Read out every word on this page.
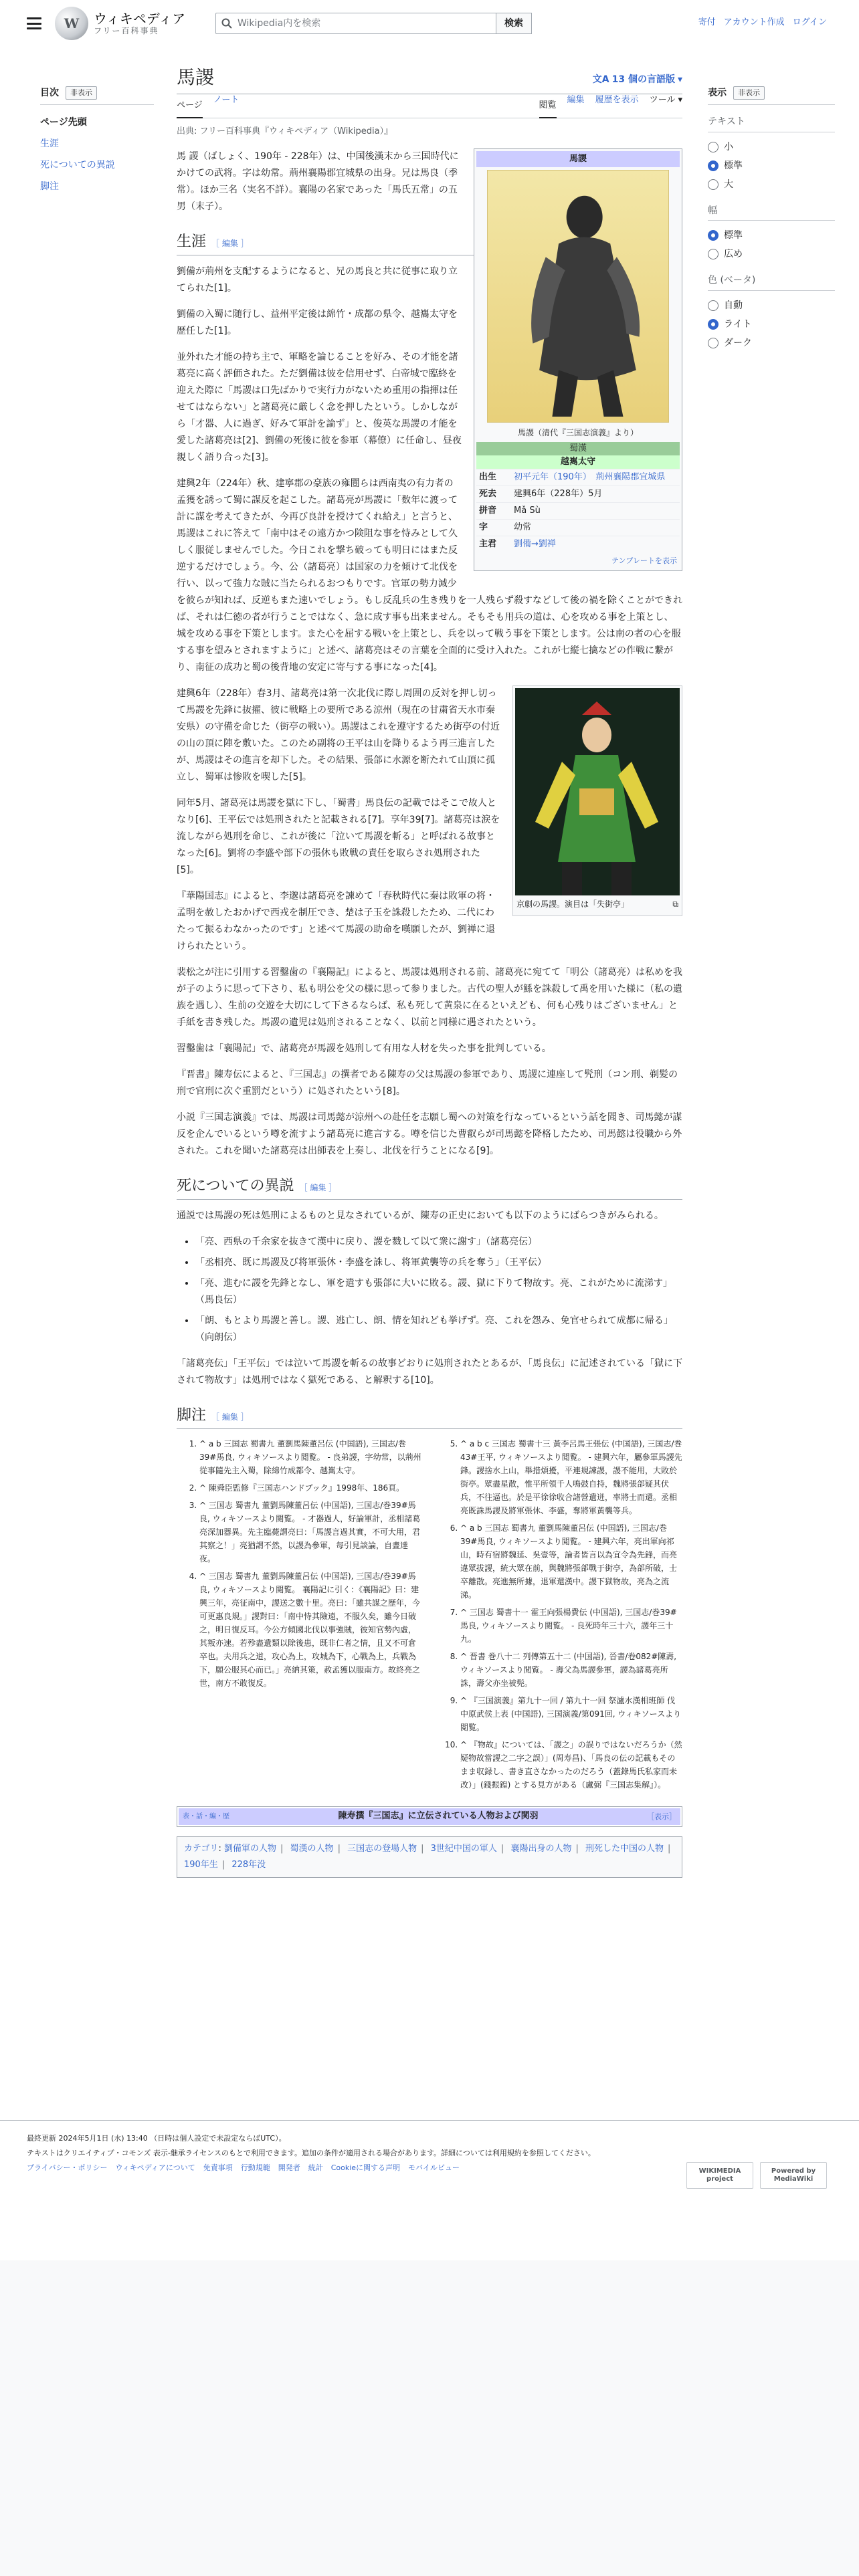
W	ウィキペディア
フリー百科事典
Wikipedia内を検索	検索	寄付 アカウント作成 ログイン
目次	非表示
ページ先頭
生涯
死についての異説
脚注
表示	非表示
テキスト
小
標準
大
幅
標準
広め
色 (ベータ)
自動
ライト
ダーク
馬謖	文A 13 個の言語版 ▾
ページ
ノート
閲覧
編集 履歴を表示 ツール ▾
出典: フリー百科事典『ウィキペディア（Wikipedia）』
馬謖
馬謖（清代『三国志演義』より）
蜀漢
越嶲太守
出生	初平元年（190年）　荊州襄陽郡宜城県
死去	建興6年（228年）5月
拼音	Mǎ Sù
字	幼常
主君	劉備→劉禅
テンプレートを表示

馬 謖（ばしょく、190年 - 228年）は、中国後漢末から三国時代にかけての武将。字は幼常。荊州襄陽郡宜城県の出身。兄は馬良（季常）。ほか三名（実名不詳）。襄陽の名家であった「馬氏五常」の五男（末子）。

生涯 ［ 編集 ］

劉備が荊州を支配するようになると、兄の馬良と共に従事に取り立てられた[1]。

劉備の入蜀に随行し、益州平定後は綿竹・成都の県令、越巂太守を歴任した[1]。

並外れた才能の持ち主で、軍略を論じることを好み、その才能を諸葛亮に高く評価された。ただ劉備は彼を信用せず、白帝城で臨終を迎えた際に「馬謖は口先ばかりで実行力がないため重用の指揮は任せてはならない」と諸葛亮に厳しく念を押したという。しかしながら「才器、人に過ぎ、好みて軍計を論ず」と、俊英な馬謖の才能を愛した諸葛亮は[2]、劉備の死後に彼を参軍（幕僚）に任命し、昼夜親しく語り合った[3]。

建興2年（224年）秋、建寧郡の豪族の雍闓らは西南夷の有力者の孟獲を誘って蜀に謀反を起こした。諸葛亮が馬謖に「数年に渡って計に謀を考えてきたが、今再び良計を授けてくれ給え」と言うと、馬謖はこれに答えて「南中はその遠方かつ険阻な事を恃みとして久しく服従しませんでした。今日これを撃ち破っても明日にはまた反逆するだけでしょう。今、公（諸葛亮）は国家の力を傾けて北伐を行い、以って強力な賊に当たられるおつもりです。官軍の勢力減少を彼らが知れば、反逆もまた速いでしょう。もし反乱兵の生き残りを一人残らず殺すなどして後の禍を除くことができれば、それは仁徳の者が行うことではなく、急に成す事も出来ません。そもそも用兵の道は、心を攻める事を上策とし、城を攻める事を下策とします。また心を屈する戦いを上策とし、兵を以って戦う事を下策とします。公は南の者の心を服する事を望みとされますように」と述べ、諸葛亮はその言葉を全面的に受け入れた。これが七縦七擒などの作戦に繋がり、南征の成功と蜀の後背地の安定に寄与する事になった[4]。

京劇の馬謖。演目は「失街亭」	⧉

建興6年（228年）春3月、諸葛亮は第一次北伐に際し周囲の反対を押し切って馬謖を先鋒に抜擢、彼に戦略上の要所である涼州（現在の甘粛省天水市秦安県）の守備を命じた（街亭の戦い）。馬謖はこれを遵守するため街亭の付近の山の頂に陣を敷いた。このため副将の王平は山を降りるよう再三進言したが、馬謖はその進言を却下した。その結果、張郃に水源を断たれて山頂に孤立し、蜀軍は惨敗を喫した[5]。

同年5月、諸葛亮は馬謖を獄に下し、「蜀書」馬良伝の記載ではそこで故人となり[6]、王平伝では処刑されたと記載される[7]。享年39[7]。諸葛亮は涙を流しながら処刑を命じ、これが後に「泣いて馬謖を斬る」と呼ばれる故事となった[6]。劉将の李盛や部下の張休も敗戦の責任を取らされ処刑された[5]。

『華陽国志』によると、李邈は諸葛亮を諫めて「春秋時代に秦は敗軍の将・孟明を赦したおかげで西戎を制圧でき、楚は子玉を誅殺したため、二代にわたって振るわなかったのです」と述べて馬謖の助命を嘆願したが、劉禅に退けられたという。

裴松之が注に引用する習鑿歯の『襄陽記』によると、馬謖は処刑される前、諸葛亮に宛てて「明公（諸葛亮）は私めを我が子のように思って下さり、私も明公を父の様に思って参りました。古代の聖人が鯀を誅殺して禹を用いた様に（私の遺族を遇し）、生前の交遊を大切にして下さるならば、私も死して黄泉に在るといえども、何も心残りはございません」と手紙を書き残した。馬謖の遺児は処刑されることなく、以前と同様に遇されたという。

習鑿歯は「襄陽記」で、諸葛亮が馬謖を処刑して有用な人材を失った事を批判している。

『晋書』陳寿伝によると、『三国志』の撰者である陳寿の父は馬謖の参軍であり、馬謖に連座して髠刑（コン刑、剃髪の刑で官刑に次ぐ重罰だという）に処されたという[8]。

小説『三国志演義』では、馬謖は司馬懿が涼州への赴任を志願し蜀への対策を行なっているという話を聞き、司馬懿が謀反を企んでいるという噂を流すよう諸葛亮に進言する。噂を信じた曹叡らが司馬懿を降格したため、司馬懿は役職から外された。これを聞いた諸葛亮は出師表を上奏し、北伐を行うことになる[9]。

死についての異説 ［ 編集 ］

通説では馬謖の死は処刑によるものと見なされているが、陳寿の正史においても以下のようにばらつきがみられる。

• 「亮、西県の千余家を抜きて漢中に戻り、謖を戮して以て衆に謝す」（諸葛亮伝）
• 「丞相亮、既に馬謖及び将軍張休・李盛を誅し、将軍黄襲等の兵を奪う」（王平伝）
• 「亮、進むに謖を先鋒となし、軍を遣すも張郃に大いに敗る。謖、獄に下りて物故す。亮、これがために流涕す」（馬良伝）
• 「朗、もとより馬謖と善し。謖、逃亡し、朗、情を知れども挙げず。亮、これを怨み、免官せられて成都に帰る」（向朗伝）

「諸葛亮伝」「王平伝」では泣いて馬謖を斬るの故事どおりに処刑されたとあるが、「馬良伝」に記述されている「獄に下されて物故す」は処刑ではなく獄死である、と解釈する[10]。

脚注 ［ 編集 ］
1. ^ a b 三国志 蜀書九 董劉馬陳董呂伝 (中国語), 三国志/巻39#馬良, ウィキソースより閲覧。 - 良弟謖，字幼常，以荊州從事隨先主入蜀，除綿竹成都令、越嶲太守。
2. ^ 陳舜臣監修『三国志ハンドブック』1998年、186頁。
3. ^ 三国志 蜀書九 董劉馬陳董呂伝 (中国語), 三国志/巻39#馬良, ウィキソースより閲覧。 - 才器過人，好論軍計，丞相諸葛亮深加器異。先主臨薨謂亮曰：「馬謖言過其實，不可大用，君其察之！」亮猶謂不然，以謖為參軍，每引見談論，自晝達夜。
4. ^ 三国志 蜀書九 董劉馬陳董呂伝 (中国語), 三国志/巻39#馬良, ウィキソースより閲覧。 襄陽記に引く：《襄陽記》曰：建興三年，亮征南中，謖送之數十里。亮曰：「雖共謀之歷年，今可更惠良規。」謖對曰：「南中恃其險遠，不服久矣，雖今日破之，明日復反耳。今公方傾國北伐以事強賊，彼知官勢內虛，其叛亦速。若殄盡遺類以除後患，既非仁者之情，且又不可倉卒也。夫用兵之道，攻心為上，攻城為下，心戰為上，兵戰為下，願公服其心而已。」亮納其策，赦孟獲以服南方。故終亮之世，南方不敢復反。
5. ^ a b c 三国志 蜀書十三 黃李呂馬王張伝 (中国語), 三国志/巻43#王平, ウィキソースより閲覧。 - 建興六年，屬參軍馬謖先鋒。謖捨水上山，舉措煩擾，平連規諫謖，謖不能用，大敗於街亭。眾盡星散，惟平所領千人鳴鼓自持，魏將張郃疑其伏兵，不往逼也。於是平徐徐收合諸營遺迸，率將士而還。丞相亮既誅馬謖及將軍張休、李盛，奪將軍黃襲等兵。
6. ^ a b 三国志 蜀書九 董劉馬陳董呂伝 (中国語), 三国志/巻39#馬良, ウィキソースより閲覧。 - 建興六年，亮出軍向祁山，時有宿將魏延、吳壹等，論者皆言以為宜令為先鋒，而亮違眾拔謖，統大眾在前，與魏將張郃戰于街亭，為郃所破，士卒離散。亮進無所據，退軍還漢中。謖下獄物故，亮為之流涕。
7. ^ 三国志 蜀書十一 霍王向張楊費伝 (中国語), 三国志/巻39#馬良, ウィキソースより閲覧。 - 良死時年三十六，謖年三十九。
8. ^ 晋書 巻八十二 列傳第五十二 (中国語), 晉書/卷082#陳壽, ウィキソースより閲覧。 - 壽父為馬謖參軍，謖為諸葛亮所誅，壽父亦坐被髡。
9. ^ 『三国演義』第九十一回 / 第九十一回 祭瀘水漢相班師 伐中原武侯上表 (中国語), 三国演義/第091回, ウィキソースより閲覧。
10. ^ 『物故』については、「謖之」の誤りではないだろうか（然疑物故當謖之二字之誤）」(周寿昌)、「馬良の伝の記載もそのまま収録し、書き直さなかったのだろう（蓋錄馬氏私家而未改）」(錢振鍠) とする見方がある（盧弼『三国志集解』）。
表・話・編・歴	陳寿撰『三国志』に立伝されている人物および関羽	［表示］
カテゴリ: 劉備軍の人物 | 蜀漢の人物 | 三国志の登場人物 | 3世紀中国の軍人 | 襄陽出身の人物 | 刑死した中国の人物 | 190年生 | 228年没
最終更新 2024年5月1日 (水) 13:40 （日時は個人設定で未設定ならばUTC）。
テキストはクリエイティブ・コモンズ 表示-継承ライセンスのもとで利用できます。追加の条件が適用される場合があります。詳細については利用規約を参照してください。
プライバシー・ポリシー ウィキペディアについて 免責事項 行動規範 開発者 統計 Cookieに関する声明 モバイルビュー	WIKIMEDIA project
Powered by MediaWiki
